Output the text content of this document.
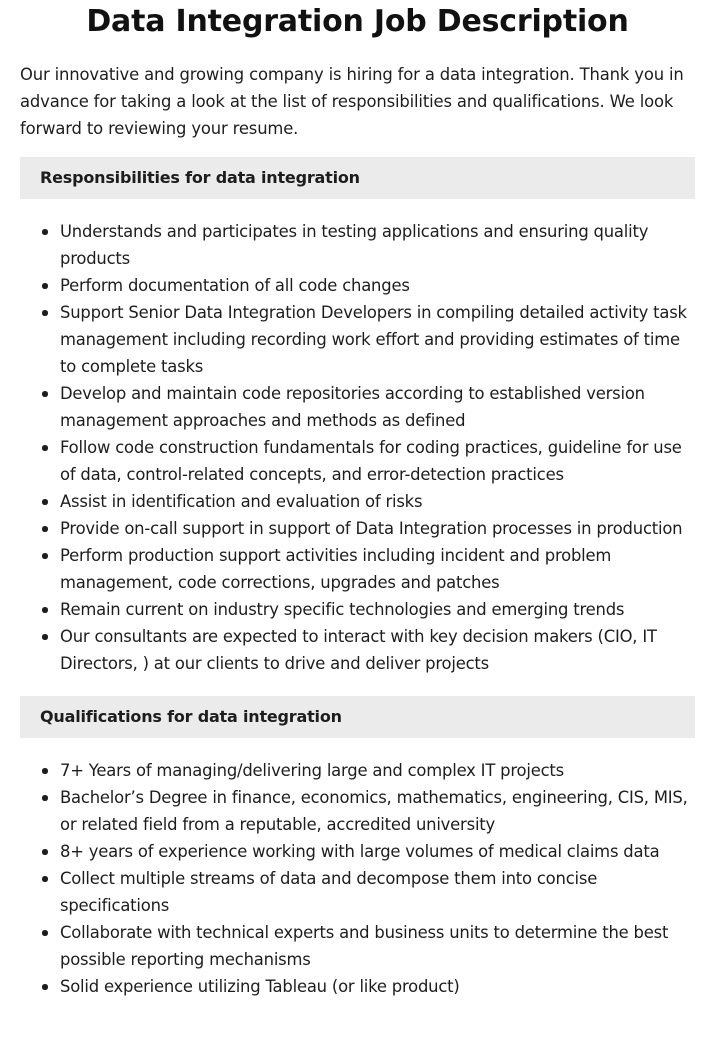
Data Integration Job Description

Our innovative and growing company is hiring for a data integration. Thank you in advance for taking a look at the list of responsibilities and qualifications. We look forward to reviewing your resume.

Responsibilities for data integration
Understands and participates in testing applications and ensuring quality products
Perform documentation of all code changes
Support Senior Data Integration Developers in compiling detailed activity task management including recording work effort and providing estimates of time to complete tasks
Develop and maintain code repositories according to established version management approaches and methods as defined
Follow code construction fundamentals for coding practices, guideline for use of data, control-related concepts, and error-detection practices
Assist in identification and evaluation of risks
Provide on-call support in support of Data Integration processes in production
Perform production support activities including incident and problem management, code corrections, upgrades and patches
Remain current on industry specific technologies and emerging trends
Our consultants are expected to interact with key decision makers (CIO, IT Directors, ) at our clients to drive and deliver projects
Qualifications for data integration
7+ Years of managing/delivering large and complex IT projects
Bachelor’s Degree in finance, economics, mathematics, engineering, CIS, MIS, or related field from a reputable, accredited university
8+ years of experience working with large volumes of medical claims data
Collect multiple streams of data and decompose them into concise specifications
Collaborate with technical experts and business units to determine the best possible reporting mechanisms
Solid experience utilizing Tableau (or like product)
